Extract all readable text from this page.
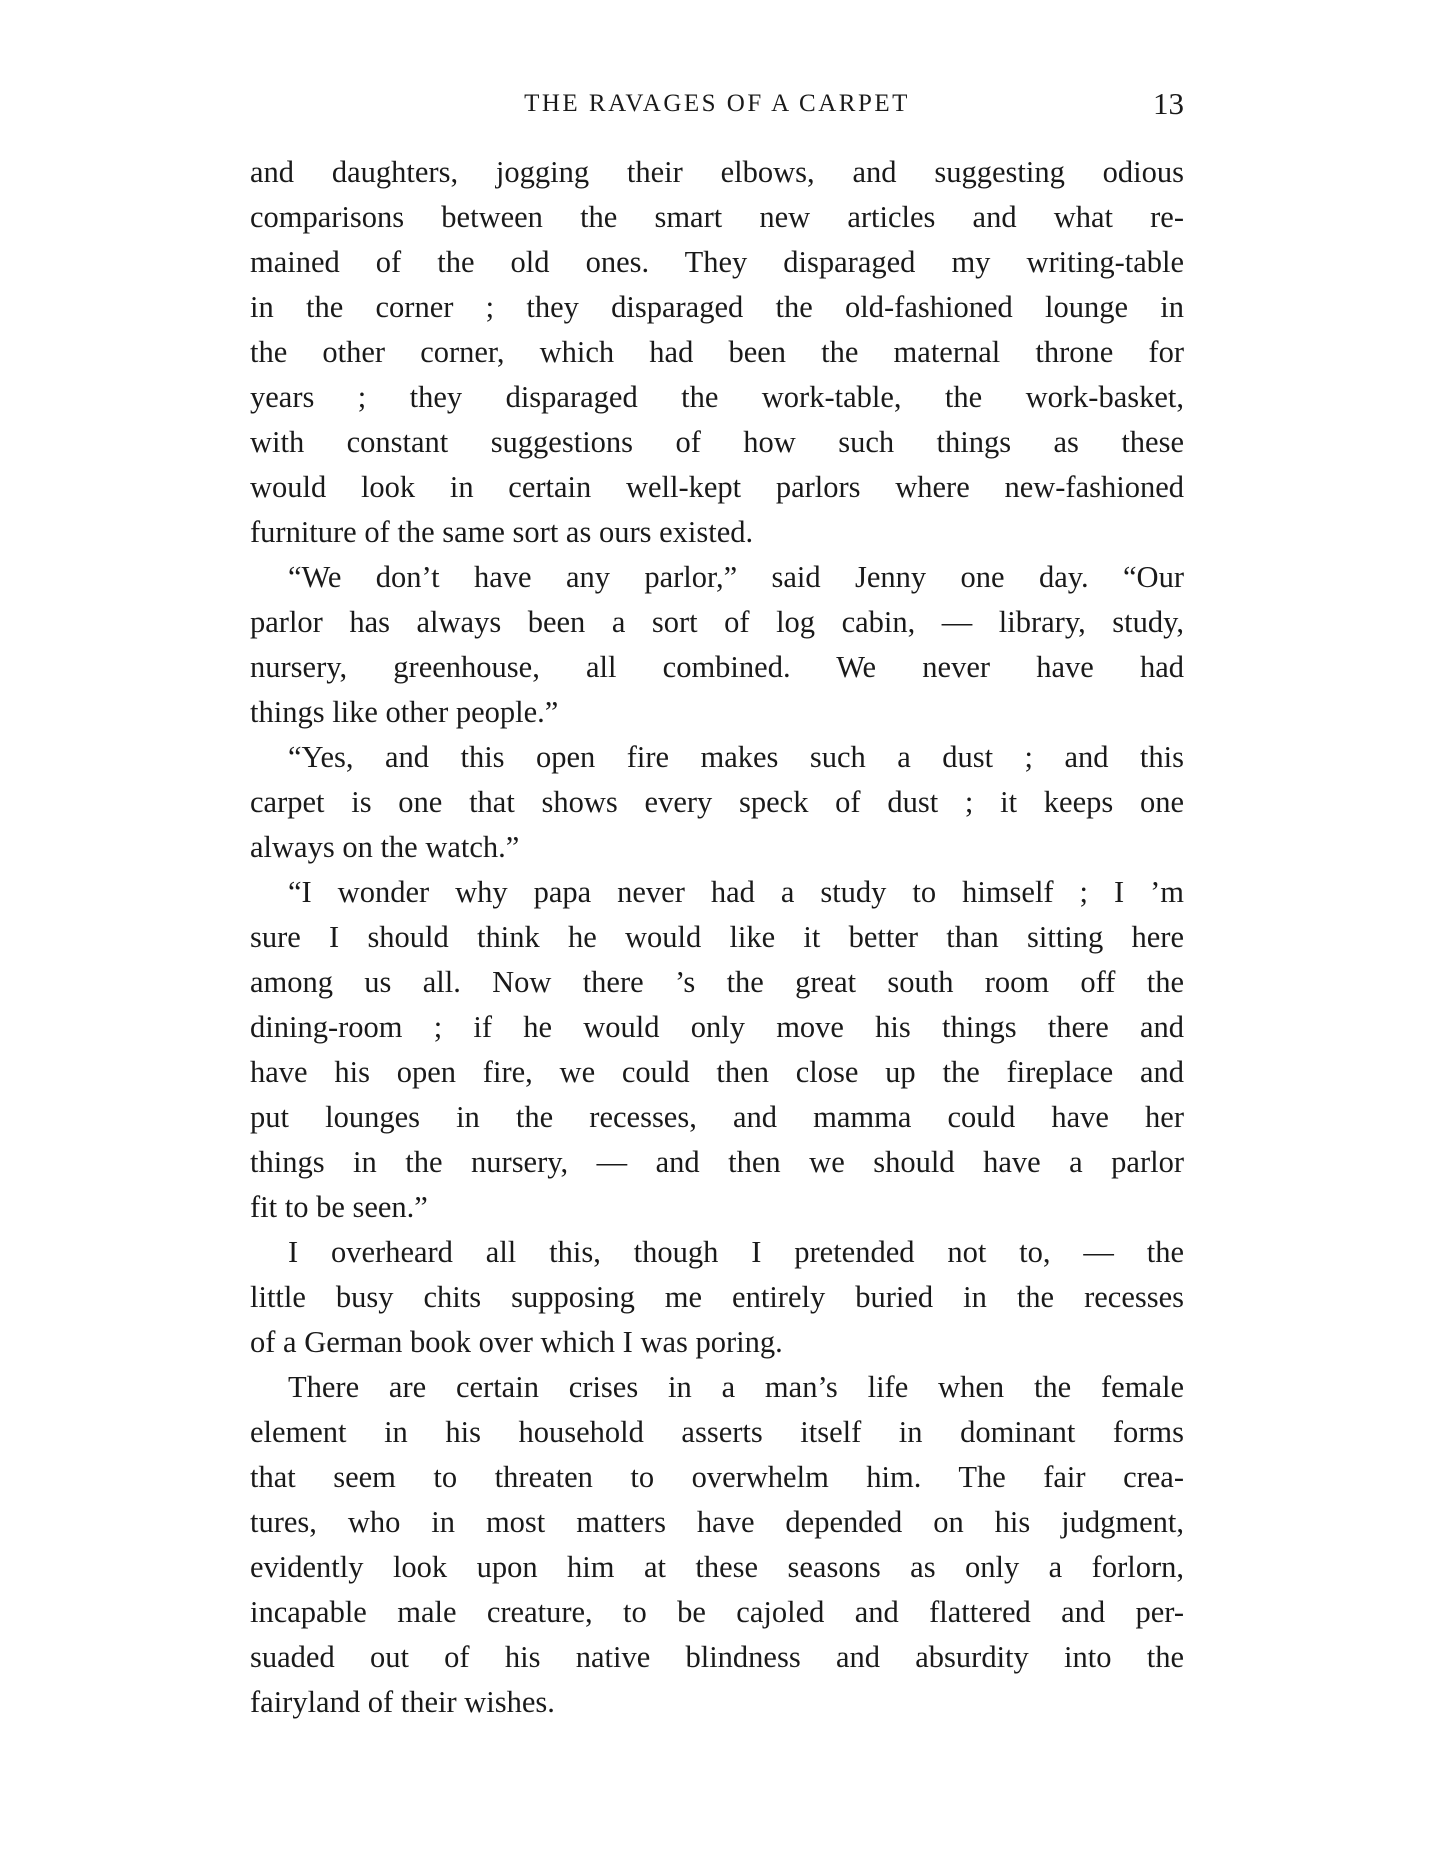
THE RAVAGES OF A CARPET	13
and daughters, jogging their elbows, and suggesting odious
comparisons between the smart new articles and what re-
mained of the old ones. They disparaged my writing-table
in the corner ; they disparaged the old-fashioned lounge in
the other corner, which had been the maternal throne for
years ; they disparaged the work-table, the work-basket,
with constant suggestions of how such things as these
would look in certain well-kept parlors where new-fashioned
furniture of the same sort as ours existed.
“We don’t have any parlor,” said Jenny one day. “Our
parlor has always been a sort of log cabin, — library, study,
nursery, greenhouse, all combined. We never have had
things like other people.”
“Yes, and this open fire makes such a dust ; and this
carpet is one that shows every speck of dust ; it keeps one
always on the watch.”
“I wonder why papa never had a study to himself ; I ’m
sure I should think he would like it better than sitting here
among us all. Now there ’s the great south room off the
dining-room ; if he would only move his things there and
have his open fire, we could then close up the fireplace and
put lounges in the recesses, and mamma could have her
things in the nursery, — and then we should have a parlor
fit to be seen.”
I overheard all this, though I pretended not to, — the
little busy chits supposing me entirely buried in the recesses
of a German book over which I was poring.
There are certain crises in a man’s life when the female
element in his household asserts itself in dominant forms
that seem to threaten to overwhelm him. The fair crea-
tures, who in most matters have depended on his judgment,
evidently look upon him at these seasons as only a forlorn,
incapable male creature, to be cajoled and flattered and per-
suaded out of his native blindness and absurdity into the
fairyland of their wishes.
